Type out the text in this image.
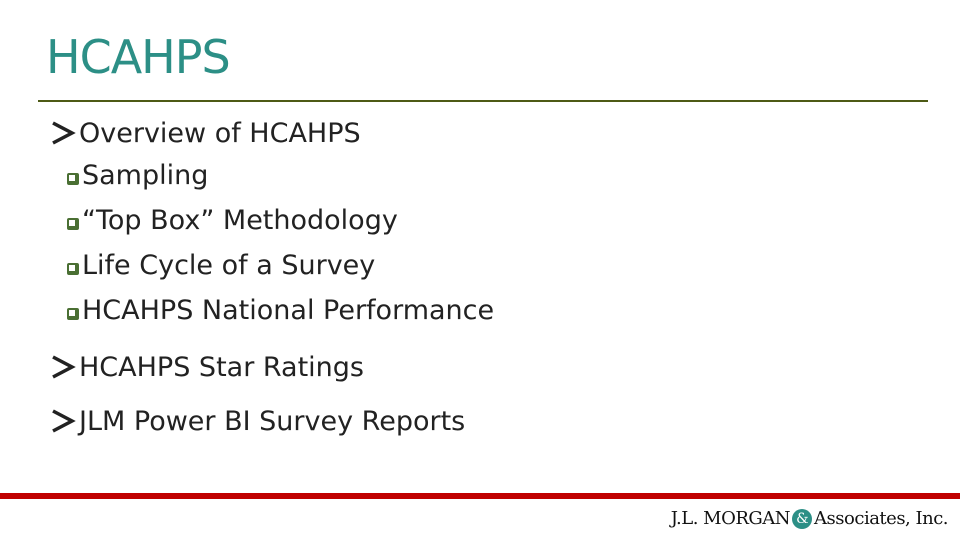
HCAHPS
Overview of HCAHPS
Sampling
“Top Box” Methodology
Life Cycle of a Survey
HCAHPS National Performance
HCAHPS Star Ratings
JLM Power BI Survey Reports
J.L. MORGAN & Associates, Inc.
